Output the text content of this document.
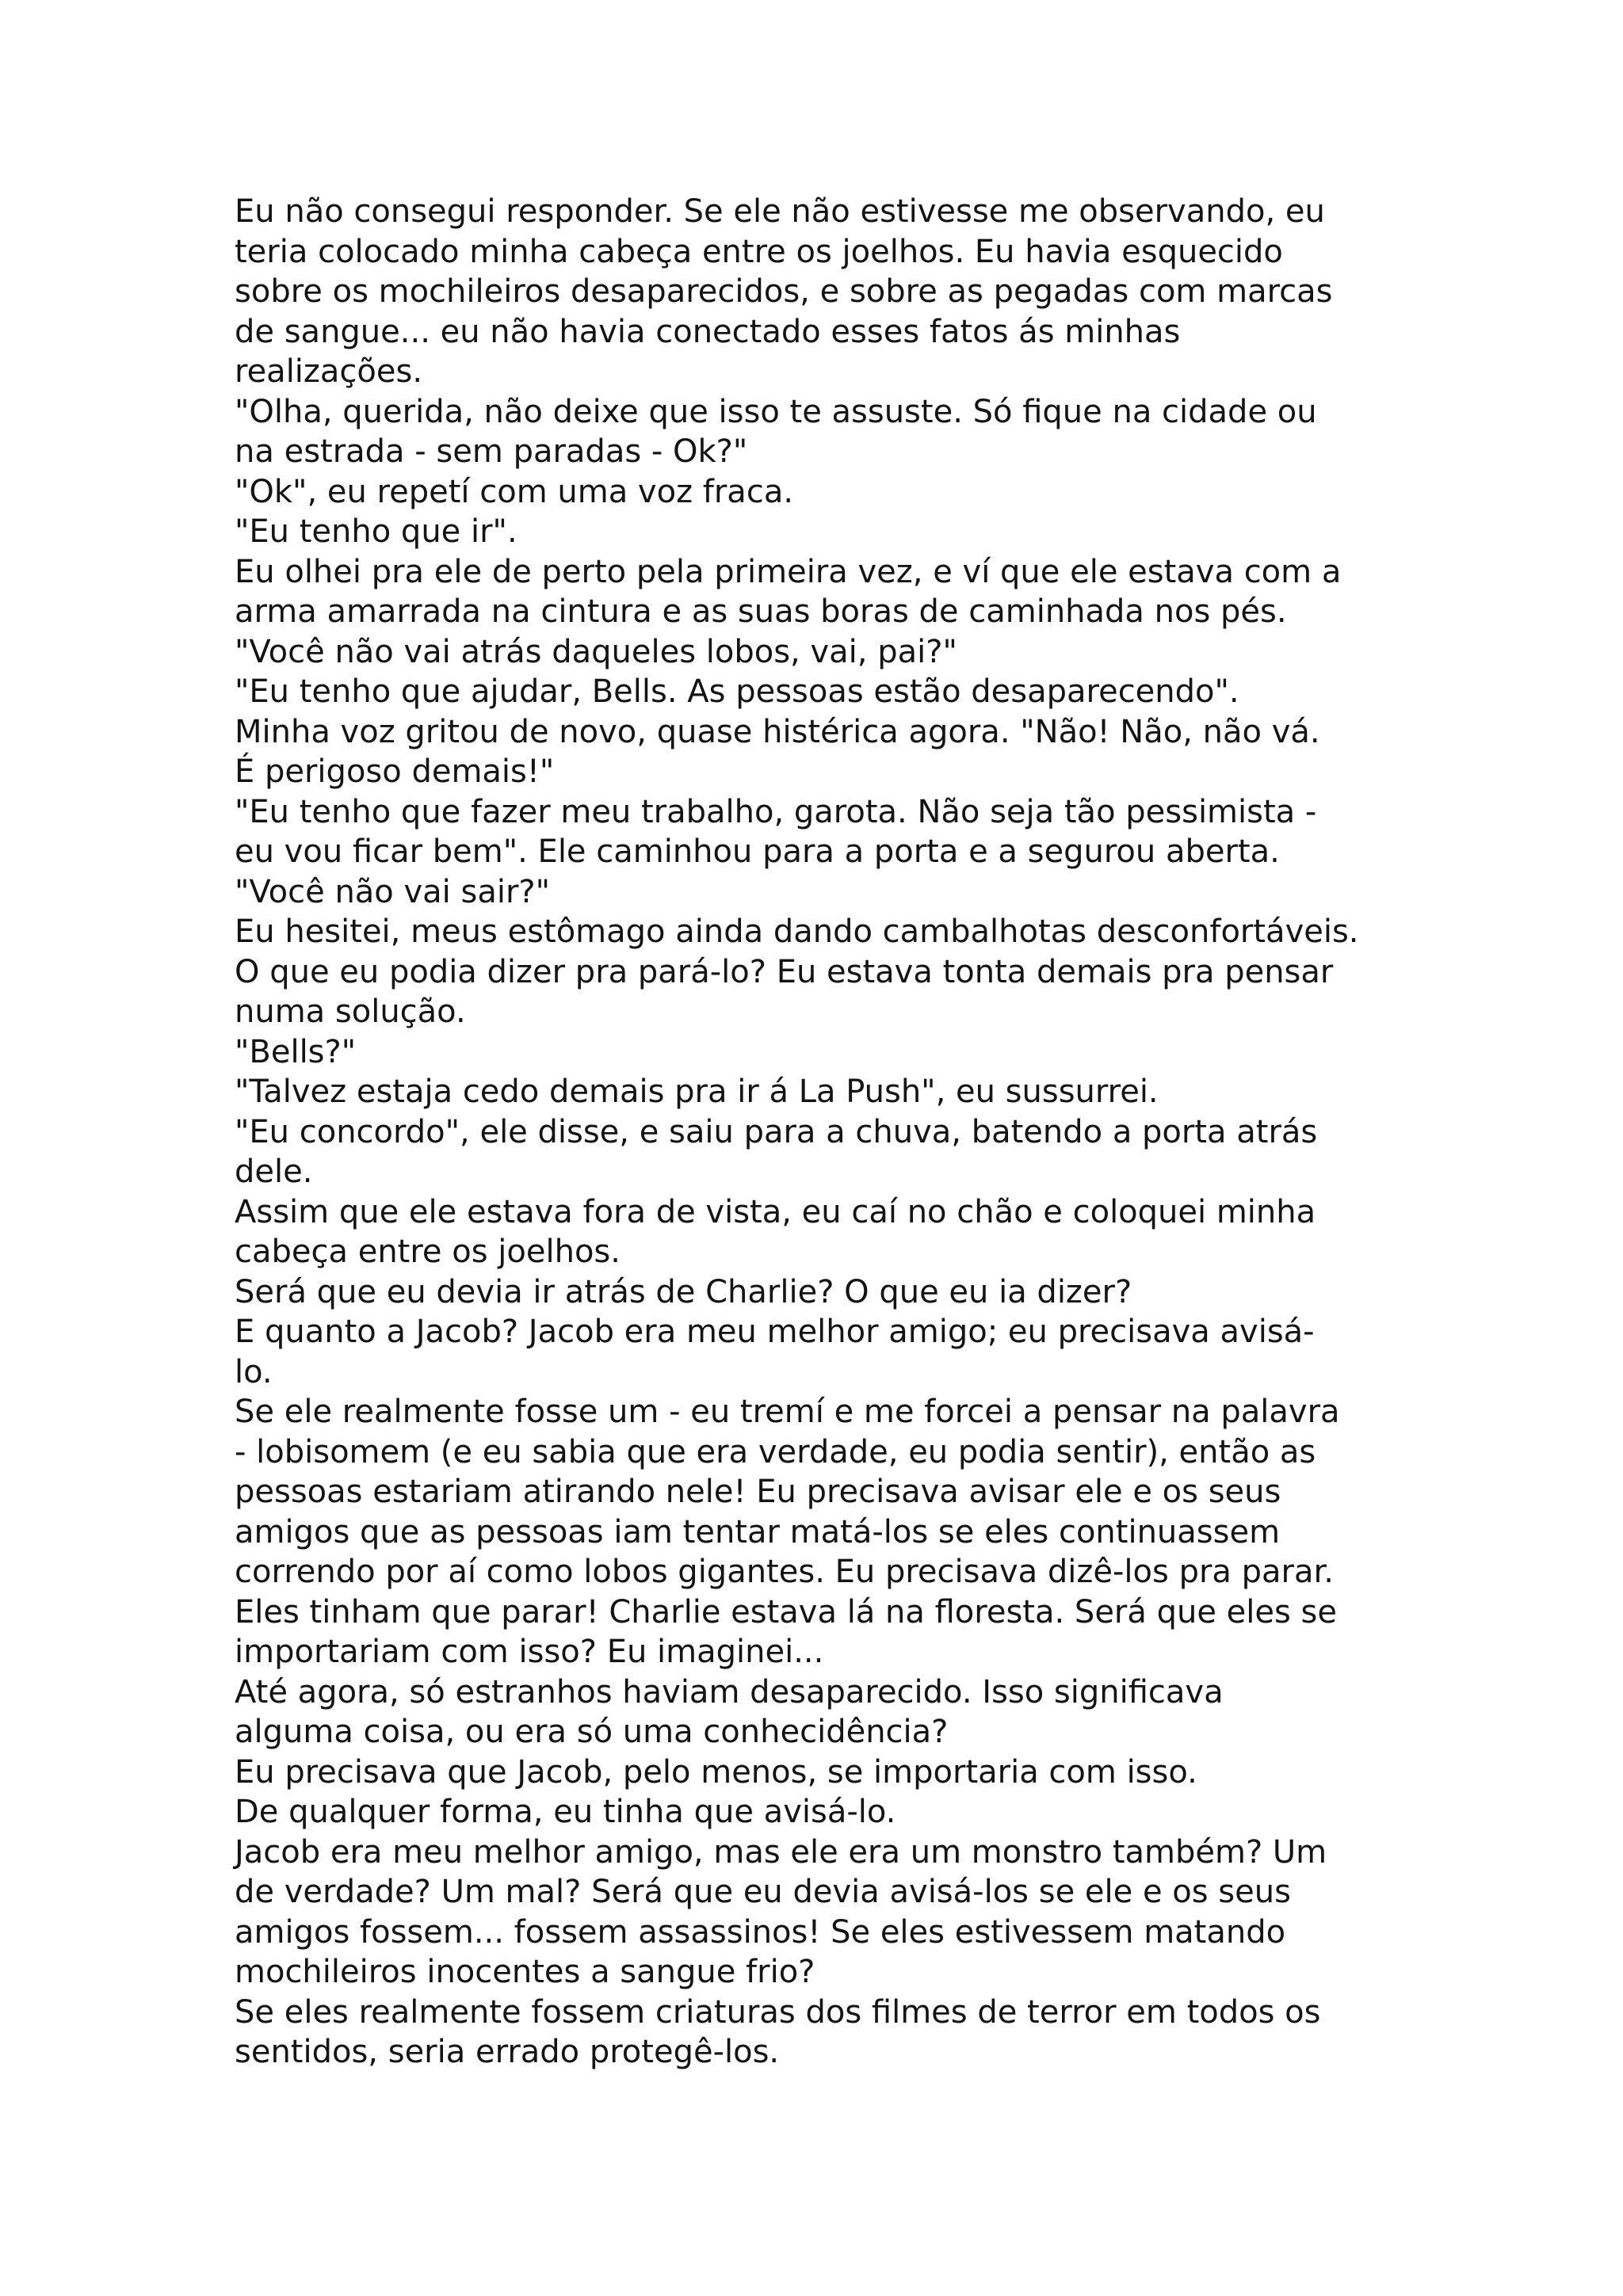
Eu não consegui responder. Se ele não estivesse me observando, eu
teria colocado minha cabeça entre os joelhos. Eu havia esquecido
sobre os mochileiros desaparecidos, e sobre as pegadas com marcas
de sangue... eu não havia conectado esses fatos ás minhas
realizações.
"Olha, querida, não deixe que isso te assuste. Só fique na cidade ou
na estrada - sem paradas - Ok?"
"Ok", eu repetí com uma voz fraca.
"Eu tenho que ir".
Eu olhei pra ele de perto pela primeira vez, e ví que ele estava com a
arma amarrada na cintura e as suas boras de caminhada nos pés.
"Você não vai atrás daqueles lobos, vai, pai?"
"Eu tenho que ajudar, Bells. As pessoas estão desaparecendo".
Minha voz gritou de novo, quase histérica agora. "Não! Não, não vá.
É perigoso demais!"
"Eu tenho que fazer meu trabalho, garota. Não seja tão pessimista -
eu vou ficar bem". Ele caminhou para a porta e a segurou aberta.
"Você não vai sair?"
Eu hesitei, meus estômago ainda dando cambalhotas desconfortáveis.
O que eu podia dizer pra pará-lo? Eu estava tonta demais pra pensar
numa solução.
"Bells?"
"Talvez estaja cedo demais pra ir á La Push", eu sussurrei.
"Eu concordo", ele disse, e saiu para a chuva, batendo a porta atrás
dele.
Assim que ele estava fora de vista, eu caí no chão e coloquei minha
cabeça entre os joelhos.
Será que eu devia ir atrás de Charlie? O que eu ia dizer?
E quanto a Jacob? Jacob era meu melhor amigo; eu precisava avisá-
lo.
Se ele realmente fosse um - eu tremí e me forcei a pensar na palavra
- lobisomem (e eu sabia que era verdade, eu podia sentir), então as
pessoas estariam atirando nele! Eu precisava avisar ele e os seus
amigos que as pessoas iam tentar matá-los se eles continuassem
correndo por aí como lobos gigantes. Eu precisava dizê-los pra parar.
Eles tinham que parar! Charlie estava lá na floresta. Será que eles se
importariam com isso? Eu imaginei...
Até agora, só estranhos haviam desaparecido. Isso significava
alguma coisa, ou era só uma conhecidência?
Eu precisava que Jacob, pelo menos, se importaria com isso.
De qualquer forma, eu tinha que avisá-lo.
Jacob era meu melhor amigo, mas ele era um monstro também? Um
de verdade? Um mal? Será que eu devia avisá-los se ele e os seus
amigos fossem... fossem assassinos! Se eles estivessem matando
mochileiros inocentes a sangue frio?
Se eles realmente fossem criaturas dos filmes de terror em todos os
sentidos, seria errado protegê-los.
